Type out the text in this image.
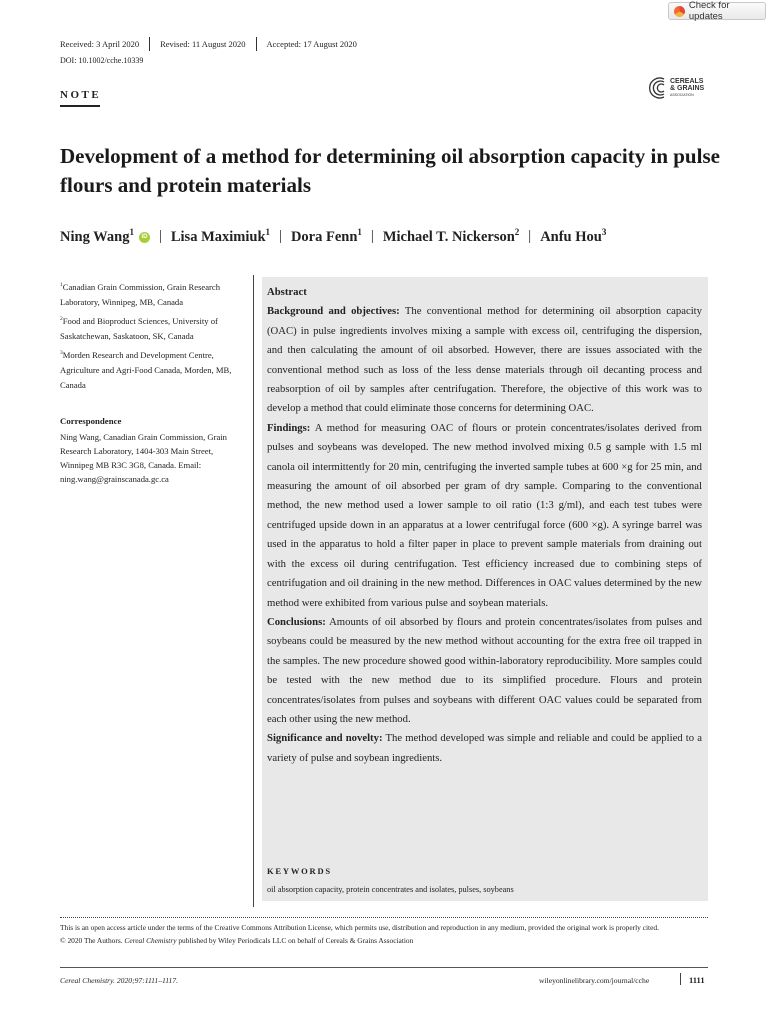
Check for updates
Received: 3 April 2020 Revised: 11 August 2020 Accepted: 17 August 2020
DOI: 10.1002/cche.10339
NOTE
CEREALS
& GRAINS
ASSOCIATION
Development of a method for determining oil absorption capacity in pulse flours and protein materials
Ning Wang$^1$ iD | Lisa Maximiuk$^1$ | Dora Fenn$^1$ | Michael T. Nickerson$^2$ | Anfu Hou$^3$

$^1$Canadian Grain Commission, Grain Research Laboratory, Winnipeg, MB, Canada

$^2$Food and Bioproduct Sciences, University of Saskatchewan, Saskatoon, SK, Canada

$^3$Morden Research and Development Centre, Agriculture and Agri-Food Canada, Morden, MB, Canada

Correspondence
Ning Wang, Canadian Grain Commission, Grain Research Laboratory, 1404-303 Main Street, Winnipeg MB R3C 3G8, Canada. Email: ning.wang@grainscanada.gc.ca

Abstract

Background and objectives: The conventional method for determining oil absorption capacity (OAC) in pulse ingredients involves mixing a sample with excess oil, centrifuging the dispersion, and then calculating the amount of oil absorbed. However, there are issues associated with the conventional method such as loss of the less dense materials through oil decanting process and reabsorption of oil by samples after centrifugation. Therefore, the objective of this work was to develop a method that could eliminate those concerns for determining OAC.

Findings: A method for measuring OAC of flours or protein concentrates/isolates derived from pulses and soybeans was developed. The new method involved mixing 0.5 g sample with 1.5 ml canola oil intermittently for 20 min, centrifuging the inverted sample tubes at 600 ×g for 25 min, and measuring the amount of oil absorbed per gram of dry sample. Comparing to the conventional method, the new method used a lower sample to oil ratio (1:3 g/ml), and each test tubes were centrifuged upside down in an apparatus at a lower centrifugal force (600 ×g). A syringe barrel was used in the apparatus to hold a filter paper in place to prevent sample materials from draining out with the excess oil during centrifugation. Test efficiency increased due to combining steps of centrifugation and oil draining in the new method. Differences in OAC values determined by the new method were exhibited from various pulse and soybean materials.

Conclusions: Amounts of oil absorbed by flours and protein concentrates/isolates from pulses and soybeans could be measured by the new method without accounting for the extra free oil trapped in the samples. The new procedure showed good within-laboratory reproducibility. More samples could be tested with the new method due to its simplified procedure. Flours and protein concentrates/isolates from pulses and soybeans with different OAC values could be separated from each other using the new method.

Significance and novelty: The method developed was simple and reliable and could be applied to a variety of pulse and soybean ingredients.

KEYWORDS
oil absorption capacity, protein concentrates and isolates, pulses, soybeans

This is an open access article under the terms of the Creative Commons Attribution License, which permits use, distribution and reproduction in any medium, provided the original work is properly cited.

© 2020 The Authors. Cereal Chemistry published by Wiley Periodicals LLC on behalf of Cereals & Grains Association

Cereal Chemistry. 2020;97:1111–1117.	wileyonlinelibrary.com/journal/cche	1111
